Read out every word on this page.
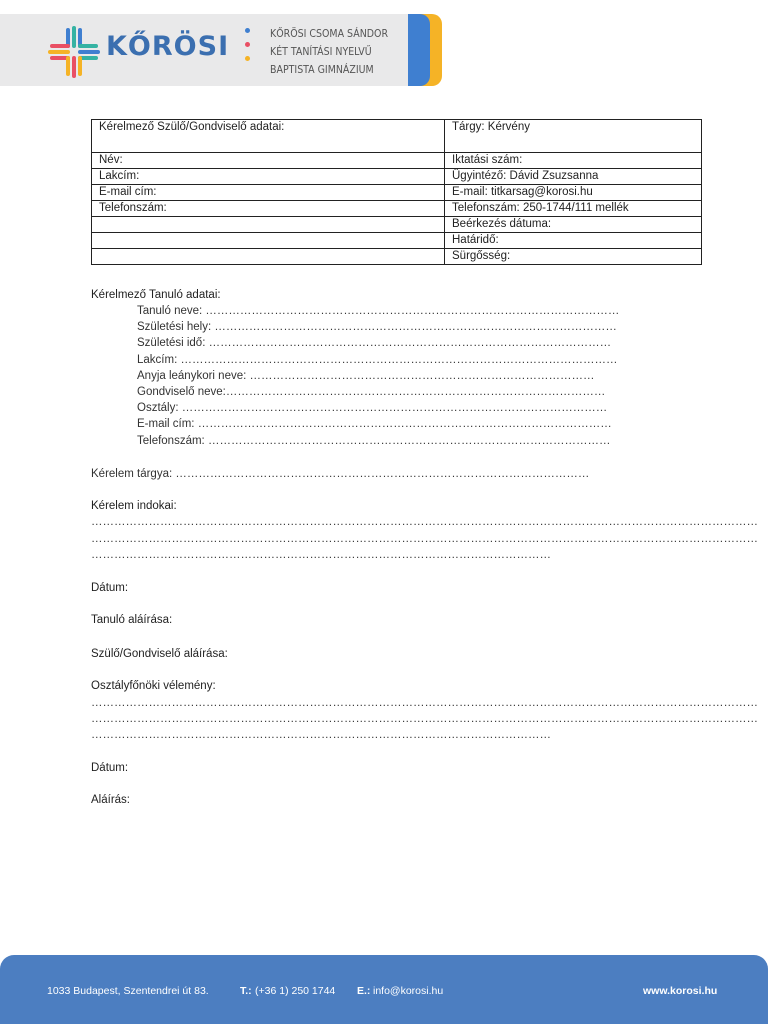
KŐRÖSI	KŐRÖSI CSOMA SÁNDOR
KÉT TANÍTÁSI NYELVŰ
BAPTISTA GIMNÁZIUM
Kérelmező Szülő/Gondviselő adatai:	Tárgy: Kérvény
Név:	Iktatási szám:
Lakcím:	Ügyintéző: Dávid Zsuzsanna
E-mail cím:	E-mail: titkarsag@korosi.hu
Telefonszám:	Telefonszám: 250-1744/111 mellék
	Beérkezés dátuma:
	Határidő:
	Sürgősség:
Kérelmező Tanuló adatai:
Tanuló neve: ………………………………………………………………………………………………
Születési hely: ……………………………………………………………………………………………
Születési idő: ……………………………………………………………………………………………
Lakcím: ……………………………………………………………………………………………………
Anyja leánykori neve: ………………………………………………………………………………
Gondviselő neve:………………………………………………………………………………………
Osztály: …………………………………………………………………………………………………
E-mail cím: ………………………………………………………………………………………………
Telefonszám: ……………………………………………………………………………………………
Kérelem tárgya: ………………………………………………………………………………………………
Kérelem indokai:
…………………………………………………………………………………………………………………………………………………………
…………………………………………………………………………………………………………………………………………………………
…………………………………………………………………………………………………………
Dátum:
Tanuló aláírása:
Szülő/Gondviselő aláírása:
Osztályfőnöki vélemény:
…………………………………………………………………………………………………………………………………………………………
…………………………………………………………………………………………………………………………………………………………
…………………………………………………………………………………………………………
Dátum:
Aláírás:
1033 Budapest, Szentendrei út 83.	T.: (+36 1) 250 1744 E.: info@korosi.hu	www.korosi.hu
